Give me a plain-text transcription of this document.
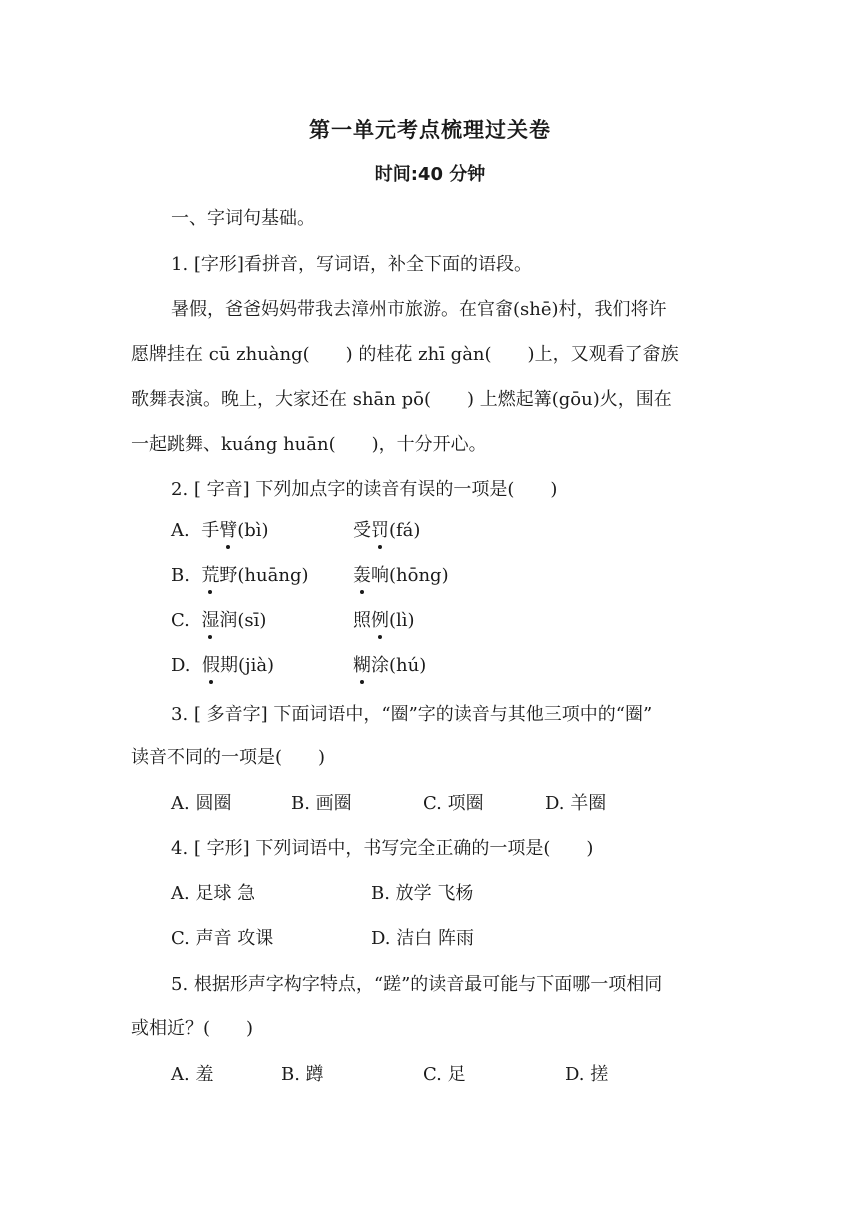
第一单元考点梳理过关卷
时间:40 分钟
一、字词句基础。
1. [字形]看拼音，写词语，补全下面的语段。
暑假，爸爸妈妈带我去漳州市旅游。在官畲(shē)村，我们将许
愿牌挂在 cū zhuàng(　　) 的桂花 zhī gàn(　　)上，又观看了畲族
歌舞表演。晚上，大家还在 shān pō(　　) 上燃起篝(gōu)火，围在
一起跳舞、kuáng huān(　　)，十分开心。
2. [ 字音] 下列加点字的读音有误的一项是(　　)
A. 手臂(bì)	受罚(fá)
B. 荒野(huāng) 轰响(hōng)
C. 湿润(sī)	照例(lì)
D. 假期(jià)	糊涂(hú)
3. [ 多音字] 下面词语中，“圈”字的读音与其他三项中的“圈”
读音不同的一项是(　　)
A. 圆圈	B. 画圈	C. 项圈	D. 羊圈
4. [ 字形] 下列词语中，书写完全正确的一项是(　　)
A. 足球 急	B. 放学 飞杨
C. 声音 攻课	D. 洁白 阵雨
5. 根据形声字构字特点，“蹉”的读音最可能与下面哪一项相同
或相近？(　　)
A. 羞	B. 蹲	C. 足	D. 搓
